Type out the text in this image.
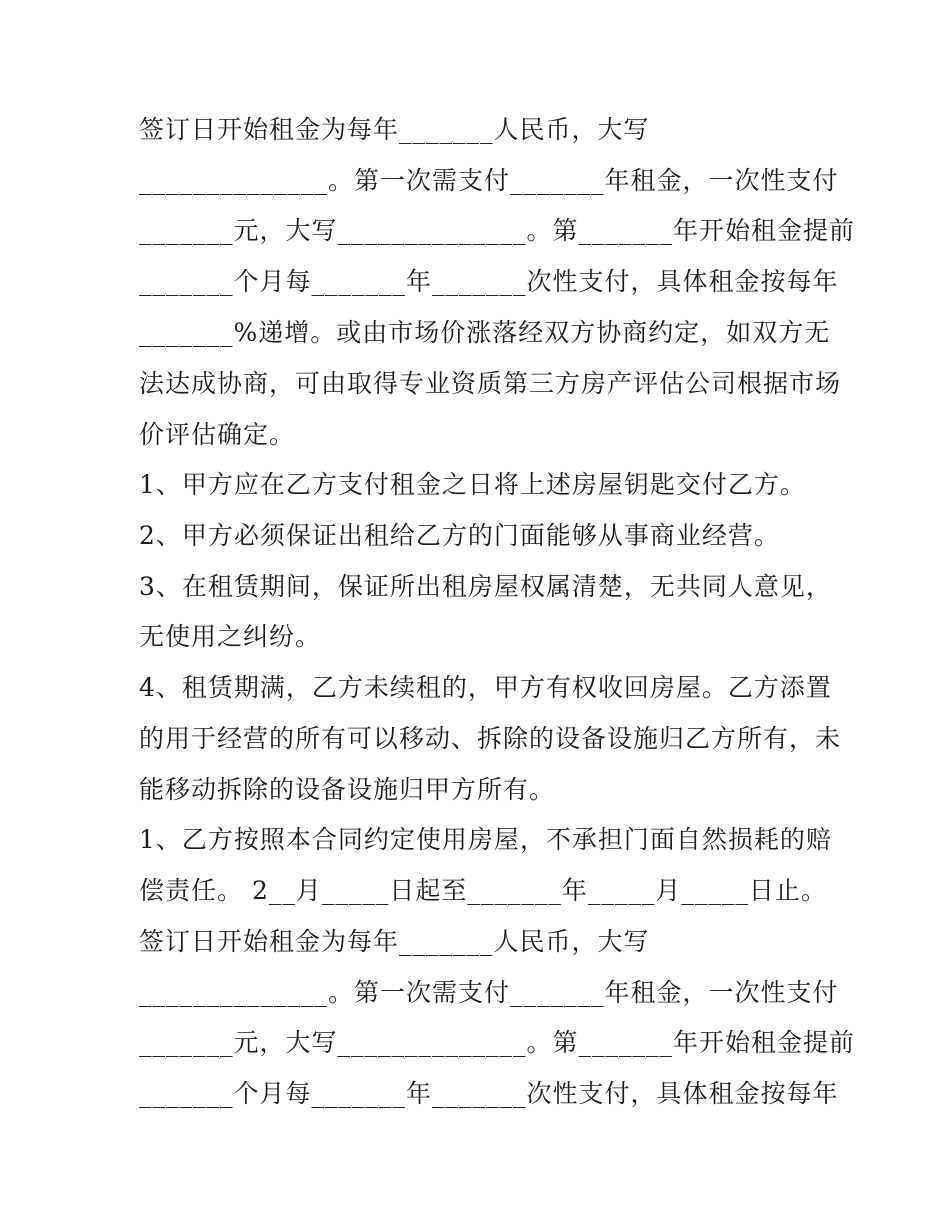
签订日开始租金为每年_______人民币，大写

______________。第一次需支付_______年租金，一次性支付

_______元，大写______________。第_______年开始租金提前

_______个月每_______年_______次性支付，具体租金按每年

_______%递增。或由市场价涨落经双方协商约定，如双方无

法达成协商，可由取得专业资质第三方房产评估公司根据市场

价评估确定。

1、甲方应在乙方支付租金之日将上述房屋钥匙交付乙方。

2、甲方必须保证出租给乙方的门面能够从事商业经营。

3、在租赁期间，保证所出租房屋权属清楚，无共同人意见，

无使用之纠纷。

4、租赁期满，乙方未续租的，甲方有权收回房屋。乙方添置

的用于经营的所有可以移动、拆除的设备设施归乙方所有，未

能移动拆除的设备设施归甲方所有。

1、乙方按照本合同约定使用房屋，不承担门面自然损耗的赔

偿责任。 2__月_____日起至_______年_____月_____日止。

签订日开始租金为每年_______人民币，大写

______________。第一次需支付_______年租金，一次性支付

_______元，大写______________。第_______年开始租金提前

_______个月每_______年_______次性支付，具体租金按每年
